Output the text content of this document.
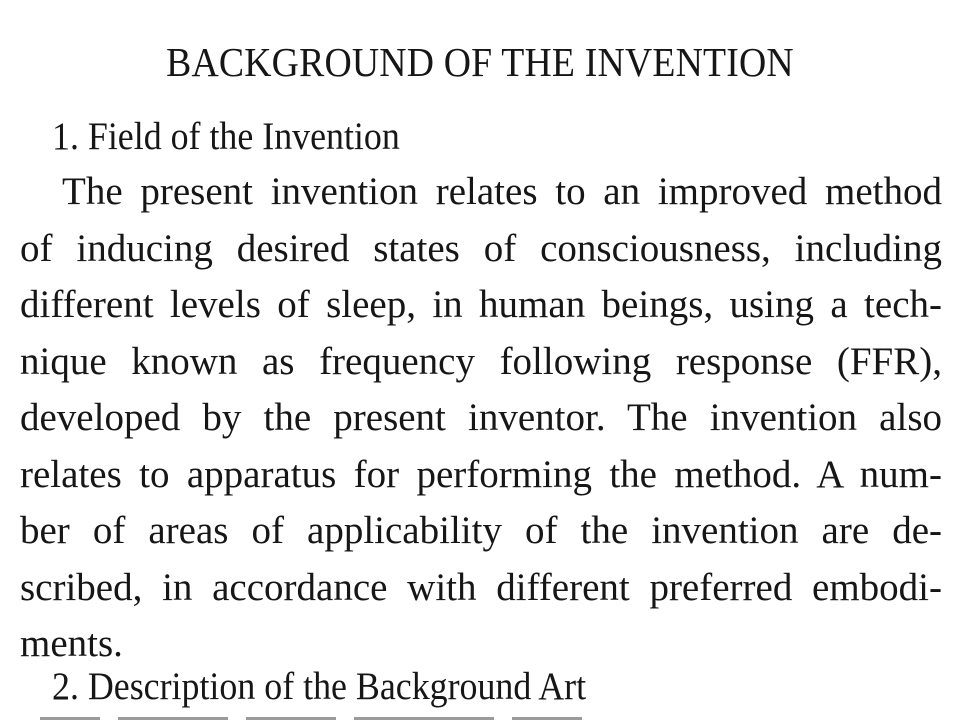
BACKGROUND OF THE INVENTION
1. Field of the Invention
The present invention relates to an improved method
of inducing desired states of consciousness, including
different levels of sleep, in human beings, using a tech-
nique known as frequency following response (FFR),
developed by the present inventor. The invention also
relates to apparatus for performing the method. A num-
ber of areas of applicability of the invention are de-
scribed, in accordance with different preferred embodi-
ments.
2. Description of the Background Art
